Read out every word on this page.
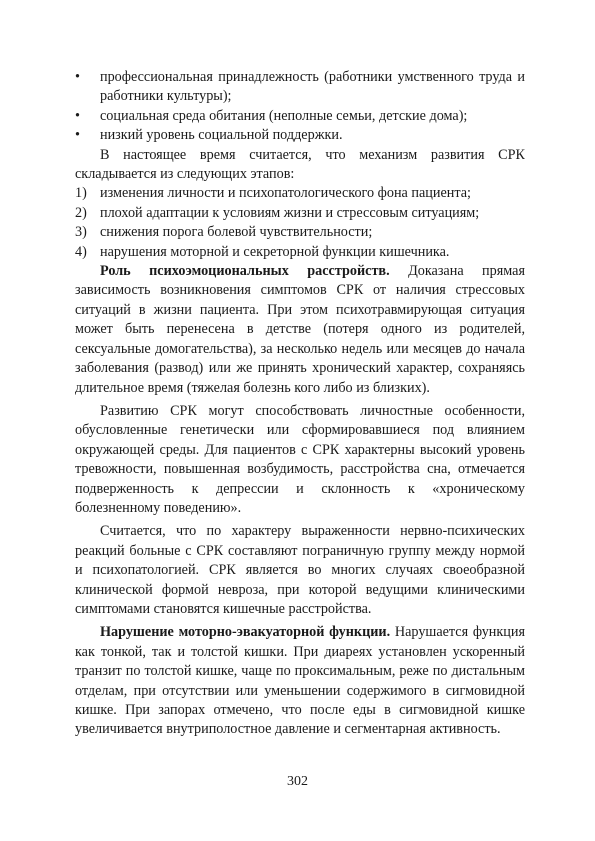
•	профессиональная принадлежность (работники умственного труда и работники культуры);
•	социальная среда обитания (неполные семьи, детские дома);
•	низкий уровень социальной поддержки.

В настоящее время считается, что механизм развития СРК складывается из следующих этапов:

1) изменения личности и психопатологического фона пациента;
2) плохой адаптации к условиям жизни и стрессовым ситуациям;
3) снижения порога болевой чувствительности;
4) нарушения моторной и секреторной функции кишечника.

Роль психоэмоциональных расстройств. Доказана прямая зависимость возникновения симптомов СРК от наличия стрессовых ситуаций в жизни пациента. При этом психотравмирующая ситуация может быть перенесена в детстве (потеря одного из родителей, сексуальные домогательства), за несколько недель или месяцев до начала заболевания (развод) или же принять хронический характер, сохраняясь длительное время (тяжелая болезнь кого либо из близких).

Развитию СРК могут способствовать личностные особенности, обусловленные генетически или сформировавшиеся под влиянием окружающей среды. Для пациентов с СРК характерны высокий уровень тревожности, повышенная возбудимость, расстройства сна, отмечается подверженность к депрессии и склонность к «хроническому болезненному поведению».

Считается, что по характеру выраженности нервно-психических реакций больные с СРК составляют пограничную группу между нормой и психопатологией. СРК является во многих случаях своеобразной клинической формой невроза, при которой ведущими клиническими симптомами становятся кишечные расстройства.

Нарушение моторно-эвакуаторной функции. Нарушается функция как тонкой, так и толстой кишки. При диареях установлен ускоренный транзит по толстой кишке, чаще по проксимальным, реже по дистальным отделам, при отсутствии или уменьшении содержимого в сигмовидной кишке. При запорах отмечено, что после еды в сигмовидной кишке увеличивается внутриполостное давление и сегментарная активность.

302
